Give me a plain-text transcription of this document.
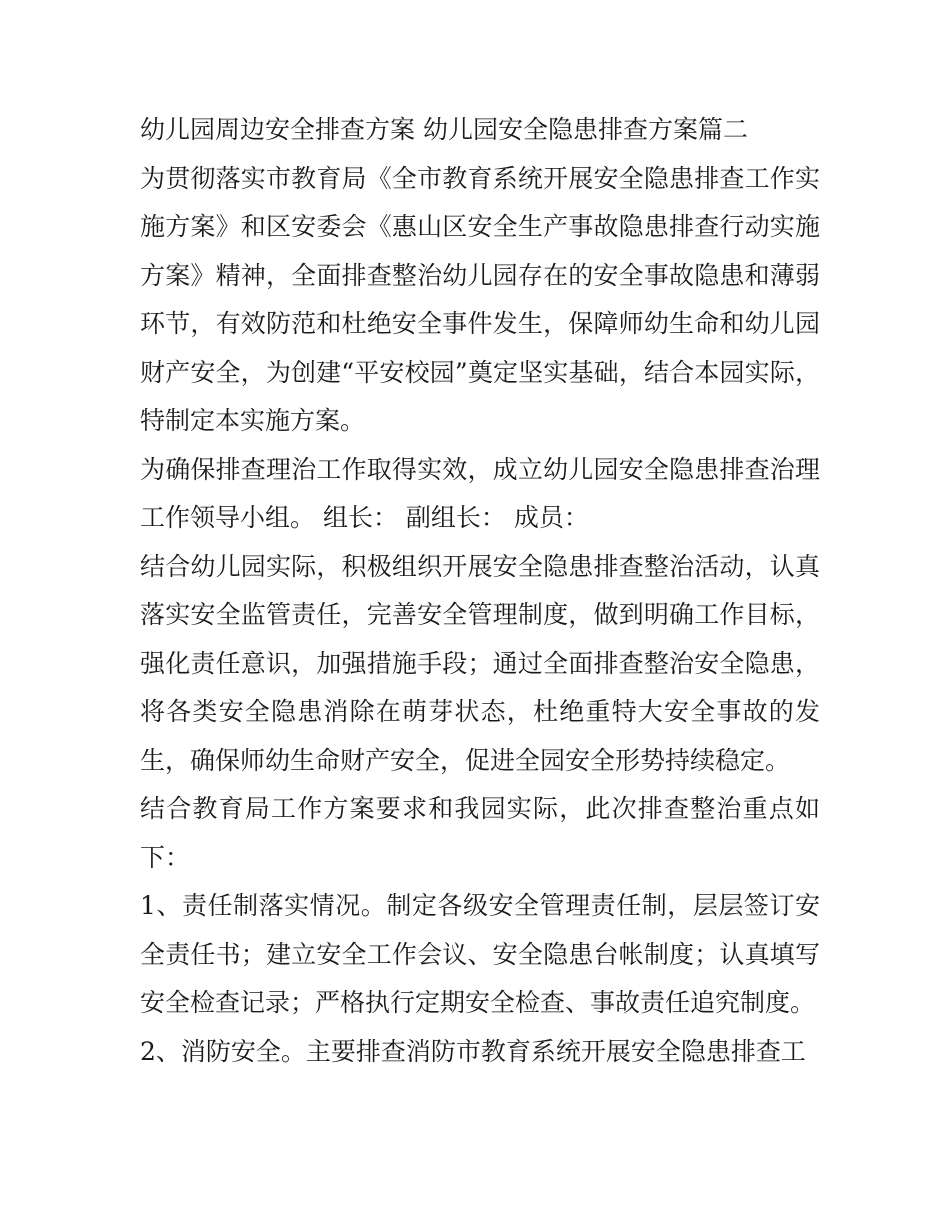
幼儿园周边安全排查方案 幼儿园安全隐患排查方案篇二

为贯彻落实市教育局《全市教育系统开展安全隐患排查工作实施方案》和区安委会《惠山区安全生产事故隐患排查行动实施方案》精神，全面排查整治幼儿园存在的安全事故隐患和薄弱环节，有效防范和杜绝安全事件发生，保障师幼生命和幼儿园财产安全，为创建“平安校园”奠定坚实基础，结合本园实际，特制定本实施方案。

为确保排查理治工作取得实效，成立幼儿园安全隐患排查治理工作领导小组。 组长： 副组长： 成员：

结合幼儿园实际，积极组织开展安全隐患排查整治活动，认真落实安全监管责任，完善安全管理制度，做到明确工作目标，强化责任意识，加强措施手段；通过全面排查整治安全隐患，将各类安全隐患消除在萌芽状态，杜绝重特大安全事故的发生，确保师幼生命财产安全，促进全园安全形势持续稳定。

结合教育局工作方案要求和我园实际，此次排查整治重点如下：

1、责任制落实情况。制定各级安全管理责任制，层层签订安全责任书；建立安全工作会议、安全隐患台帐制度；认真填写安全检查记录；严格执行定期安全检查、事故责任追究制度。

2、消防安全。主要排查消防市教育系统开展安全隐患排查工
